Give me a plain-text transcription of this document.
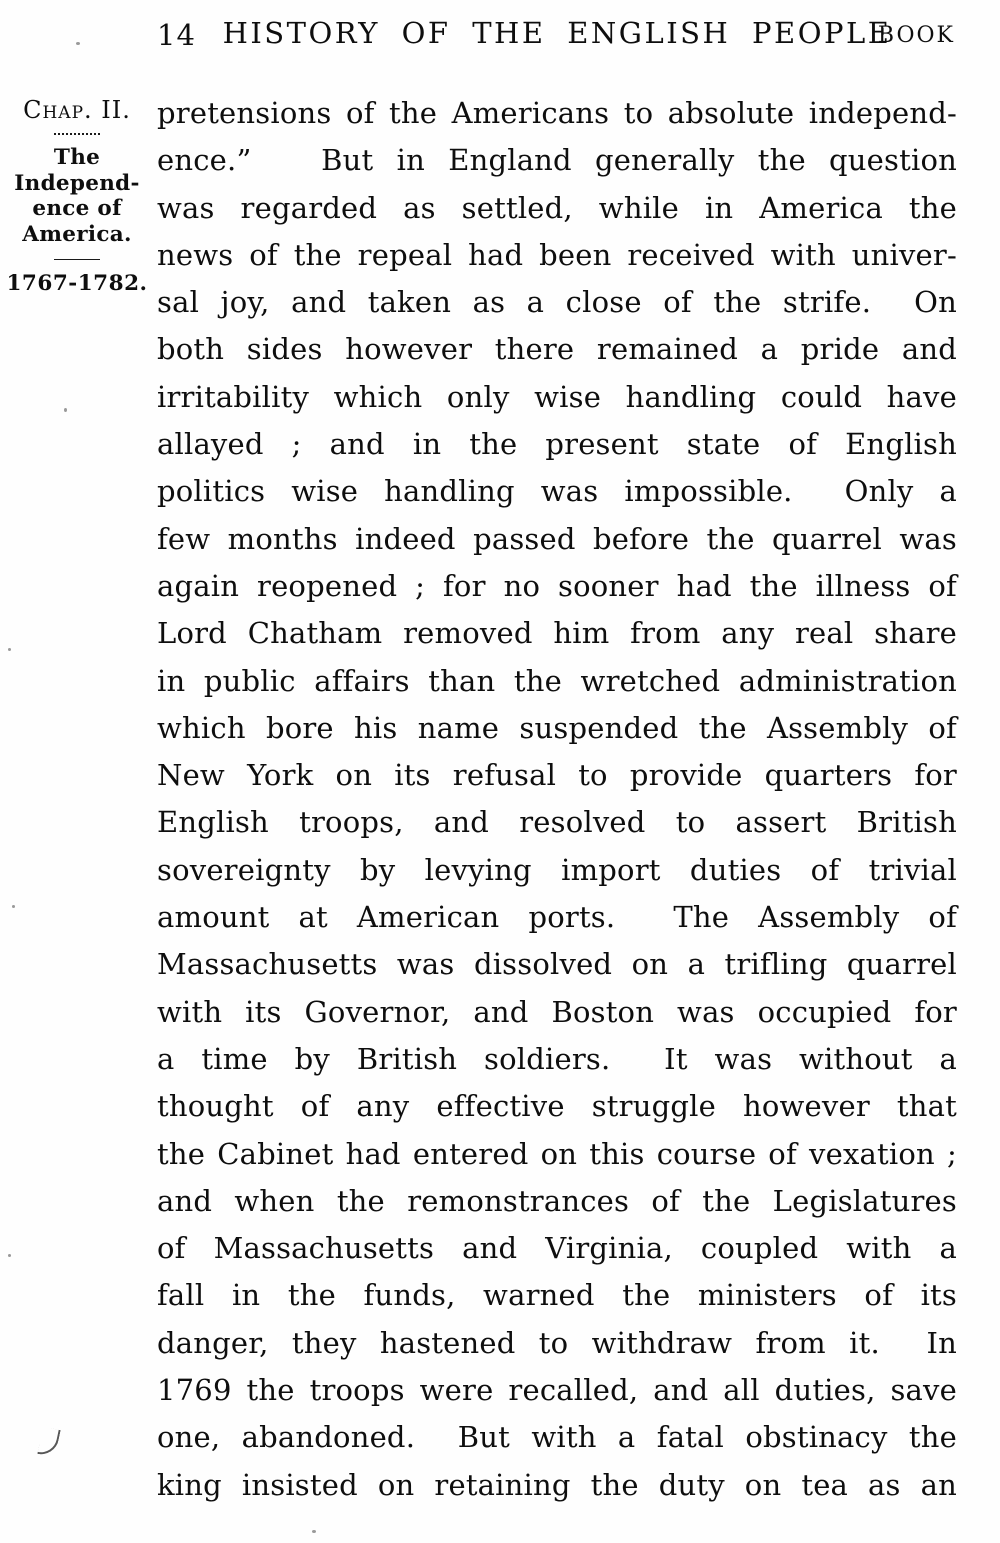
14 HISTORY OF THE ENGLISH PEOPLE
BOOK
Chap. II.
The
Independ-
ence of
America.
1767-1782.
pretensions of the Americans to absolute independ-
ence.”   But in England generally the question
was regarded as settled, while in America the
news of the repeal had been received with univer-
sal joy, and taken as a close of the strife.  On
both sides however there remained a pride and
irritability which only wise handling could have
allayed ; and in the present state of English
politics wise handling was impossible.  Only a
few months indeed passed before the quarrel was
again reopened ; for no sooner had the illness of
Lord Chatham removed him from any real share
in public affairs than the wretched administration
which bore his name suspended the Assembly of
New York on its refusal to provide quarters for
English troops, and resolved to assert British
sovereignty by levying import duties of trivial
amount at American ports.  The Assembly of
Massachusetts was dissolved on a trifling quarrel
with its Governor, and Boston was occupied for
a time by British soldiers.  It was without a
thought of any effective struggle however that
the Cabinet had entered on this course of vexation ;
and when the remonstrances of the Legislatures
of Massachusetts and Virginia, coupled with a
fall in the funds, warned the ministers of its
danger, they hastened to withdraw from it.  In
1769 the troops were recalled, and all duties, save
one, abandoned.  But with a fatal obstinacy the
king insisted on retaining the duty on tea as an
